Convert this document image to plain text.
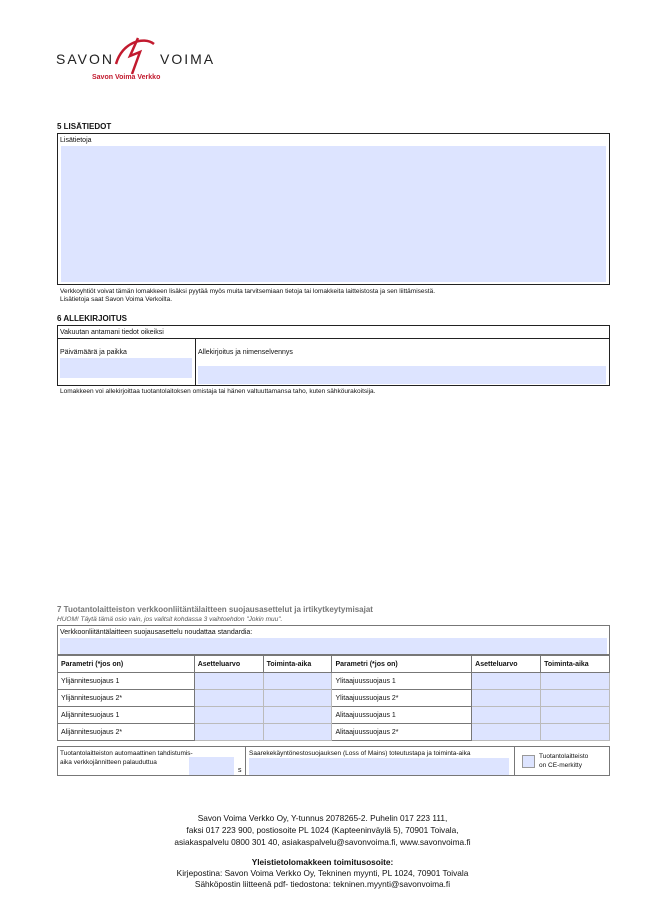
SAVON	VOIMA
Savon Voima Verkko
5 LISÄTIEDOT
Lisätietoja
Verkkoyhtiöt voivat tämän lomakkeen lisäksi pyytää myös muita tarvitsemiaan tietoja tai lomakkeita laitteistosta ja sen liittämisestä.
Lisätietoja saat Savon Voima Verkoilta.
6 ALLEKIRJOITUS
Vakuutan antamani tiedot oikeiksi
Päivämäärä ja paikka	Allekirjoitus ja nimenselvennys
Lomakkeen voi allekirjoittaa tuotantolaitoksen omistaja tai hänen valtuuttamansa taho, kuten sähköurakoitsija.
7 Tuotantolaitteiston verkkoonliitäntälaitteen suojausasettelut ja irtikytkeytymisajat
HUOM! Täytä tämä osio vain, jos valitsit kohdassa 3 vaihtoehdon "Jokin muu".
Verkkoonliitäntälaitteen suojausasettelu noudattaa standardia:
Parametri (*jos on)	Asetteluarvo	Toiminta-aika	Parametri (*jos on)	Asetteluarvo	Toiminta-aika
Ylijännitesuojaus 1			Ylitaajuussuojaus 1		
Ylijännitesuojaus 2*			Ylitaajuussuojaus 2*		
Alijännitesuojaus 1			Alitaajuussuojaus 1		
Alijännitesuojaus 2*			Alitaajuussuojaus 2*		
Tuotantolaitteiston automaattinen tahdistumis-
aika verkkojännitteen palauduttua
s
Saarekekäyntönestosuojauksen (Loss of Mains) toteutustapa ja toiminta-aika	Tuotantolaitteisto
on CE-merkitty
Savon Voima Verkko Oy, Y-tunnus 2078265-2. Puhelin 017 223 111,
faksi 017 223 900, postiosoite PL 1024 (Kapteeninväylä 5), 70901 Toivala,
asiakaspalvelu 0800 301 40, asiakaspalvelu@savonvoima.fi, www.savonvoima.fi
Yleistietolomakkeen toimitusosoite:
Kirjepostina: Savon Voima Verkko Oy, Tekninen myynti, PL 1024, 70901 Toivala
Sähköpostin liitteenä pdf- tiedostona: tekninen.myynti@savonvoima.fi
